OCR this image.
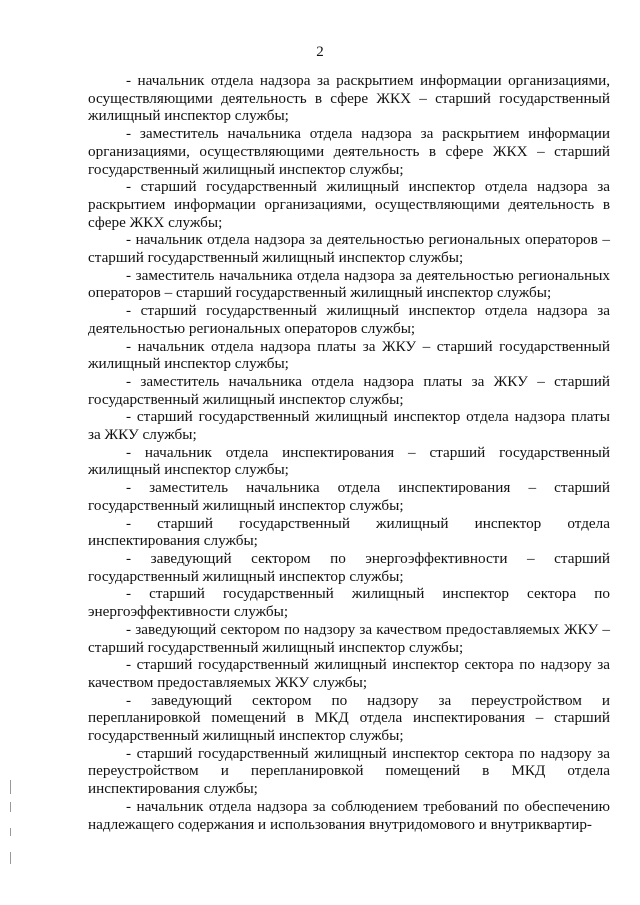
2

- начальник отдела надзора за раскрытием информации организациями, осуществляющими деятельность в сфере ЖКХ – старший государственный жилищный инспектор службы;

- заместитель начальника отдела надзора за раскрытием информации организациями, осуществляющими деятельность в сфере ЖКХ – старший государственный жилищный инспектор службы;

- старший государственный жилищный инспектор отдела надзора за раскрытием информации организациями, осуществляющими деятельность в сфере ЖКХ службы;

- начальник отдела надзора за деятельностью региональных операторов – старший государственный жилищный инспектор службы;

- заместитель начальника отдела надзора за деятельностью региональных операторов – старший государственный жилищный инспектор службы;

- старший государственный жилищный инспектор отдела надзора за деятельностью региональных операторов службы;

- начальник отдела надзора платы за ЖКУ – старший государственный жилищный инспектор службы;

- заместитель начальника отдела надзора платы за ЖКУ – старший государственный жилищный инспектор службы;

- старший государственный жилищный инспектор отдела надзора платы за ЖКУ службы;

- начальник отдела инспектирования – старший государственный жилищный инспектор службы;

- заместитель начальника отдела инспектирования – старший государственный жилищный инспектор службы;

- старший государственный жилищный инспектор отдела инспектирования службы;

- заведующий сектором по энергоэффективности – старший государственный жилищный инспектор службы;

- старший государственный жилищный инспектор сектора по энергоэффективности службы;

- заведующий сектором по надзору за качеством предоставляемых ЖКУ – старший государственный жилищный инспектор службы;

- старший государственный жилищный инспектор сектора по надзору за качеством предоставляемых ЖКУ службы;

- заведующий сектором по надзору за переустройством и перепланировкой помещений в МКД отдела инспектирования – старший государственный жилищный инспектор службы;

- старший государственный жилищный инспектор сектора по надзору за переустройством и перепланировкой помещений в МКД отдела инспектирования службы;

- начальник отдела надзора за соблюдением требований по обеспечению надлежащего содержания и использования внутридомового и внутриквартир-
